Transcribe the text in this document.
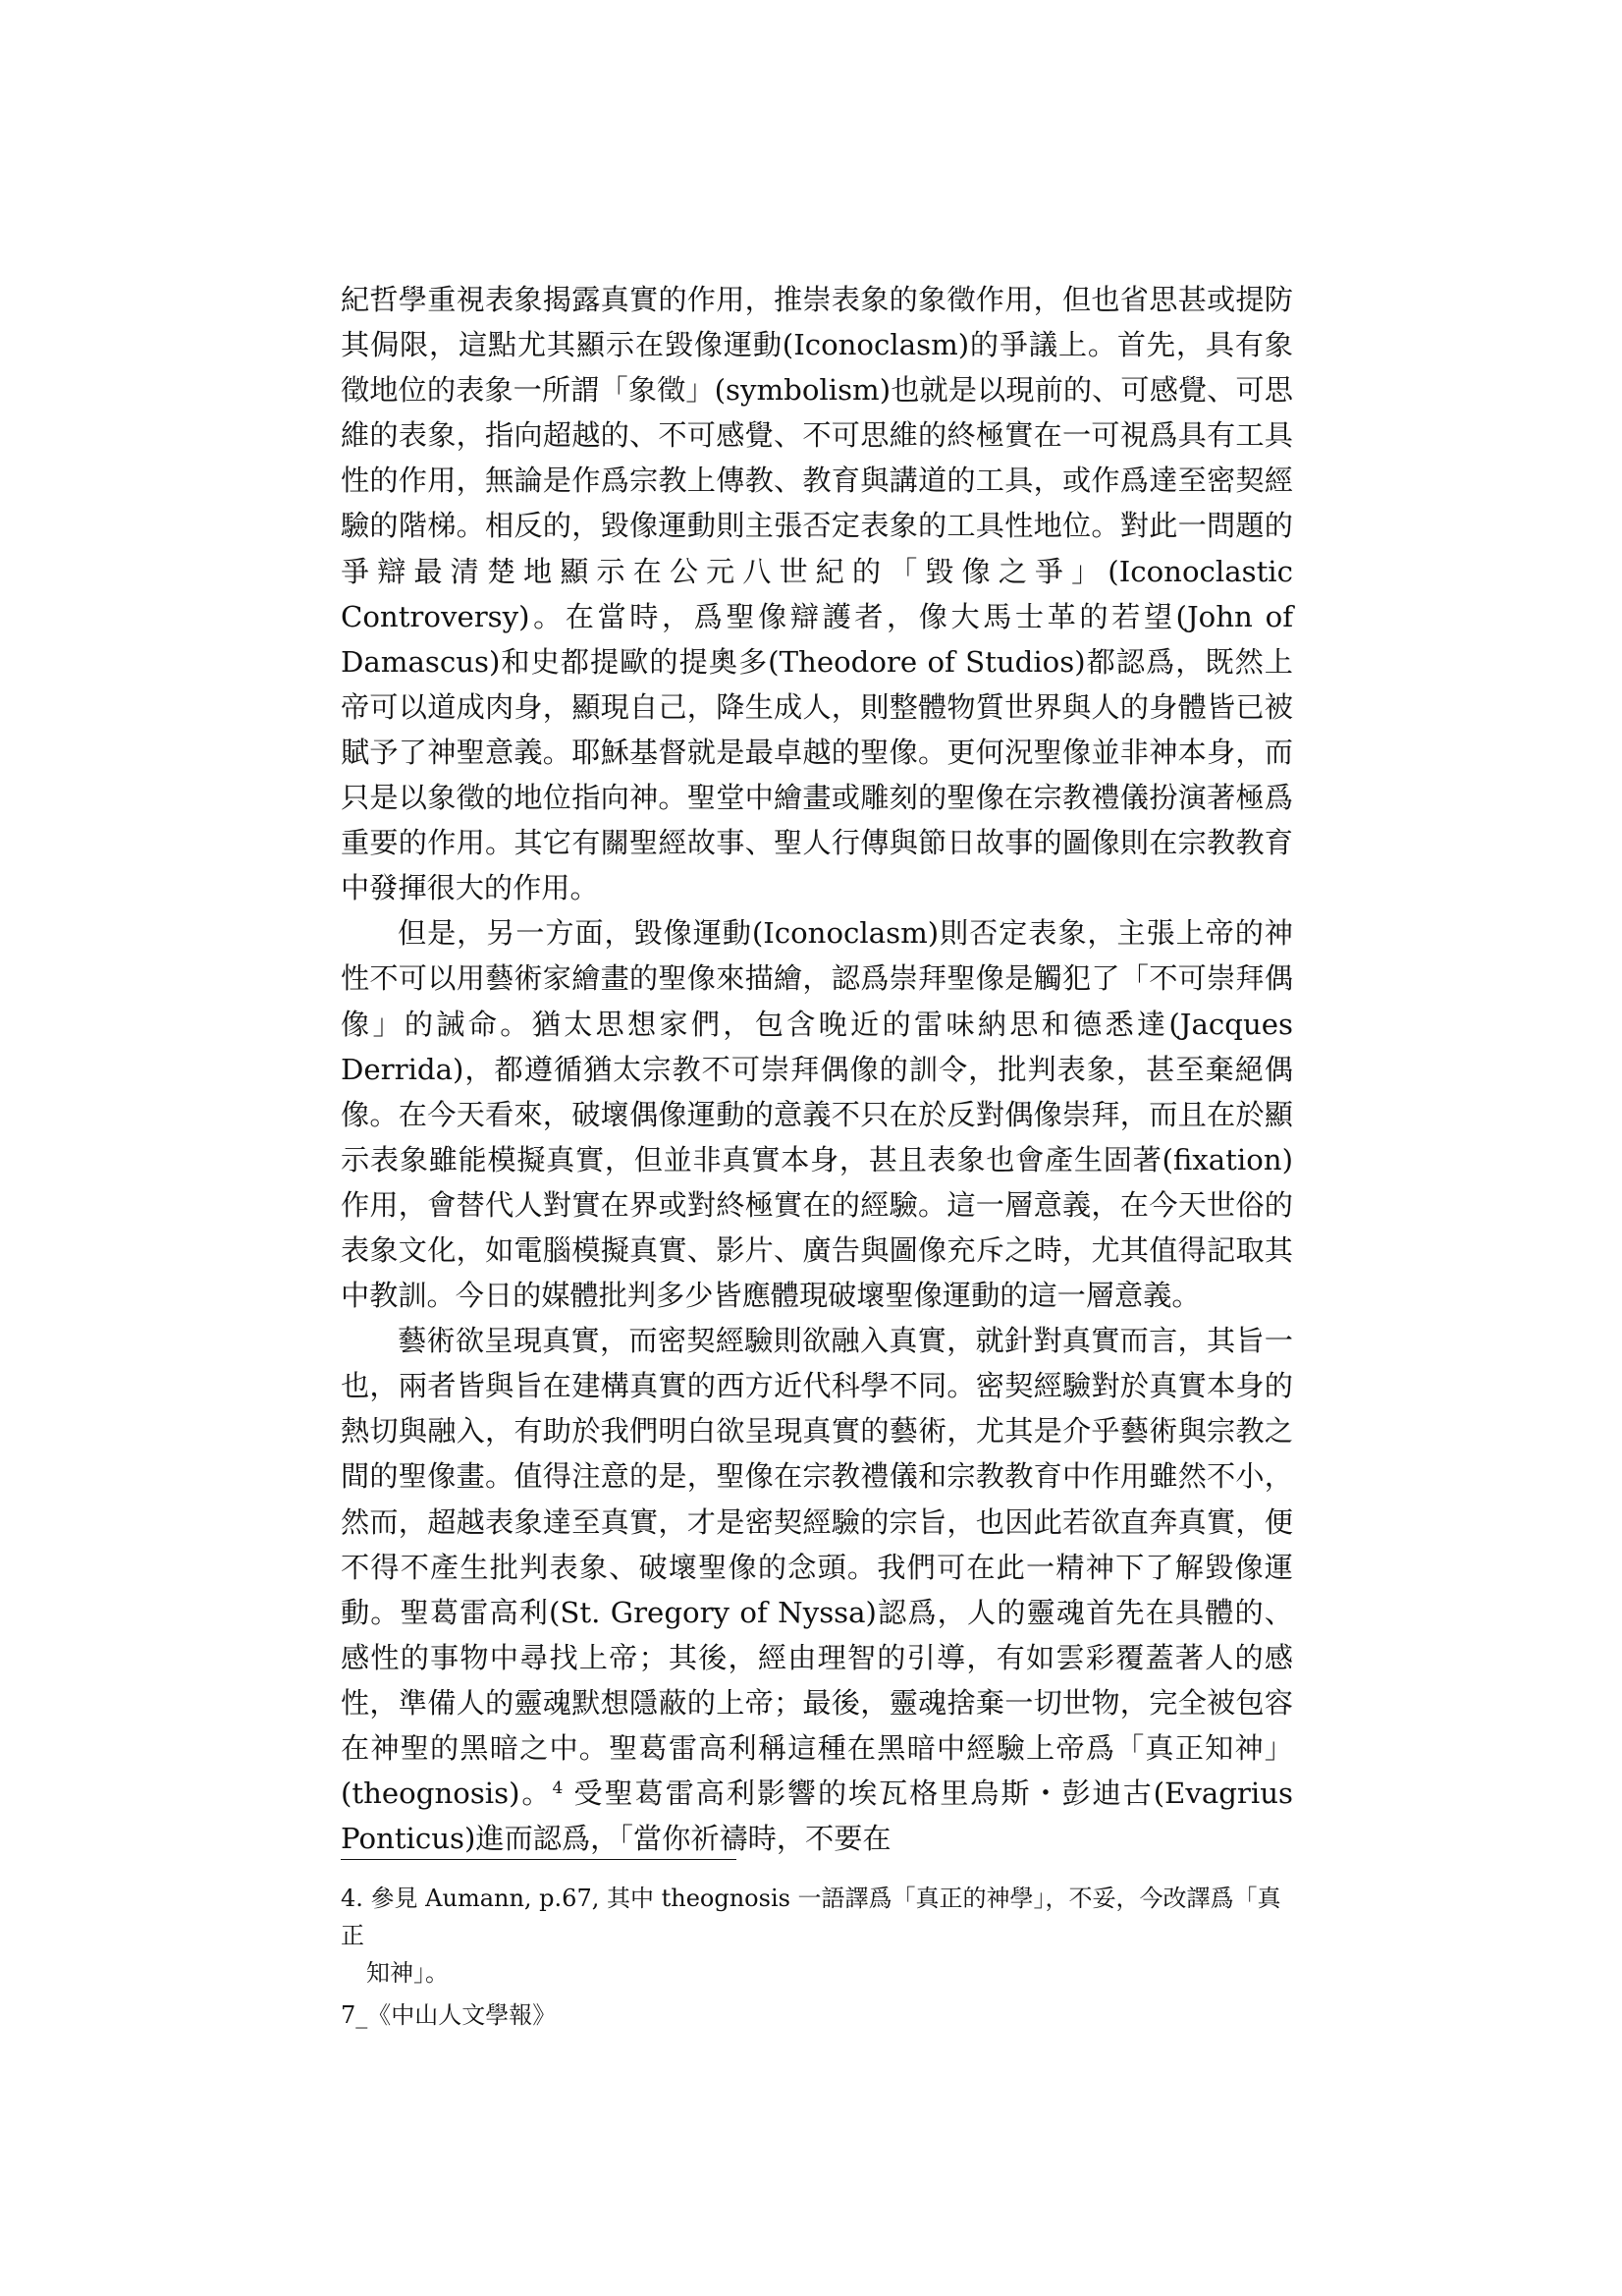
紀哲學重視表象揭露真實的作用，推崇表象的象徵作用，但也省思甚或提防其侷限，這點尤其顯示在毀像運動(Iconoclasm)的爭議上。首先，具有象徵地位的表象一所謂「象徵」(symbolism)也就是以現前的、可感覺、可思維的表象，指向超越的、不可感覺、不可思維的終極實在一可視爲具有工具性的作用，無論是作爲宗教上傳教、教育與講道的工具，或作爲達至密契經驗的階梯。相反的，毀像運動則主張否定表象的工具性地位。對此一問題的爭辯最清楚地顯示在公元八世紀的「毀像之爭」(Iconoclastic Controversy)。在當時，爲聖像辯護者，像大馬士革的若望(John of Damascus)和史都提歐的提奧多(Theodore of Studios)都認爲，既然上帝可以道成肉身，顯現自己，降生成人，則整體物質世界與人的身體皆已被賦予了神聖意義。耶穌基督就是最卓越的聖像。更何況聖像並非神本身，而只是以象徵的地位指向神。聖堂中繪畫或雕刻的聖像在宗教禮儀扮演著極爲重要的作用。其它有關聖經故事、聖人行傳與節日故事的圖像則在宗教教育中發揮很大的作用。

但是，另一方面，毀像運動(Iconoclasm)則否定表象，主張上帝的神性不可以用藝術家繪畫的聖像來描繪，認爲崇拜聖像是觸犯了「不可崇拜偶像」的誡命。猶太思想家們，包含晚近的雷味納思和德悉達(Jacques Derrida)，都遵循猶太宗教不可崇拜偶像的訓令，批判表象，甚至棄絕偶像。在今天看來，破壞偶像運動的意義不只在於反對偶像崇拜，而且在於顯示表象雖能模擬真實，但並非真實本身，甚且表象也會產生固著(fixation)作用，會替代人對實在界或對終極實在的經驗。這一層意義，在今天世俗的表象文化，如電腦模擬真實、影片、廣告與圖像充斥之時，尤其值得記取其中教訓。今日的媒體批判多少皆應體現破壞聖像運動的這一層意義。

藝術欲呈現真實，而密契經驗則欲融入真實，就針對真實而言，其旨一也，兩者皆與旨在建構真實的西方近代科學不同。密契經驗對於真實本身的熱切與融入，有助於我們明白欲呈現真實的藝術，尤其是介乎藝術與宗教之間的聖像畫。值得注意的是，聖像在宗教禮儀和宗教教育中作用雖然不小，然而，超越表象達至真實，才是密契經驗的宗旨，也因此若欲直奔真實，便不得不產生批判表象、破壞聖像的念頭。我們可在此一精神下了解毀像運動。聖葛雷高利(St. Gregory of Nyssa)認爲，人的靈魂首先在具體的、感性的事物中尋找上帝；其後，經由理智的引導，有如雲彩覆蓋著人的感性，準備人的靈魂默想隱蔽的上帝；最後，靈魂捨棄一切世物，完全被包容在神聖的黑暗之中。聖葛雷高利稱這種在黑暗中經驗上帝爲「真正知神」(theognosis)。$^4$ 受聖葛雷高利影響的埃瓦格里烏斯・彭迪古(Evagrius Ponticus)進而認爲，「當你祈禱時，不要在

4. 參見 Aumann, p.67, 其中 theognosis 一語譯爲「真正的神學」，不妥，今改譯爲「真正
知神」。
7_《中山人文學報》
